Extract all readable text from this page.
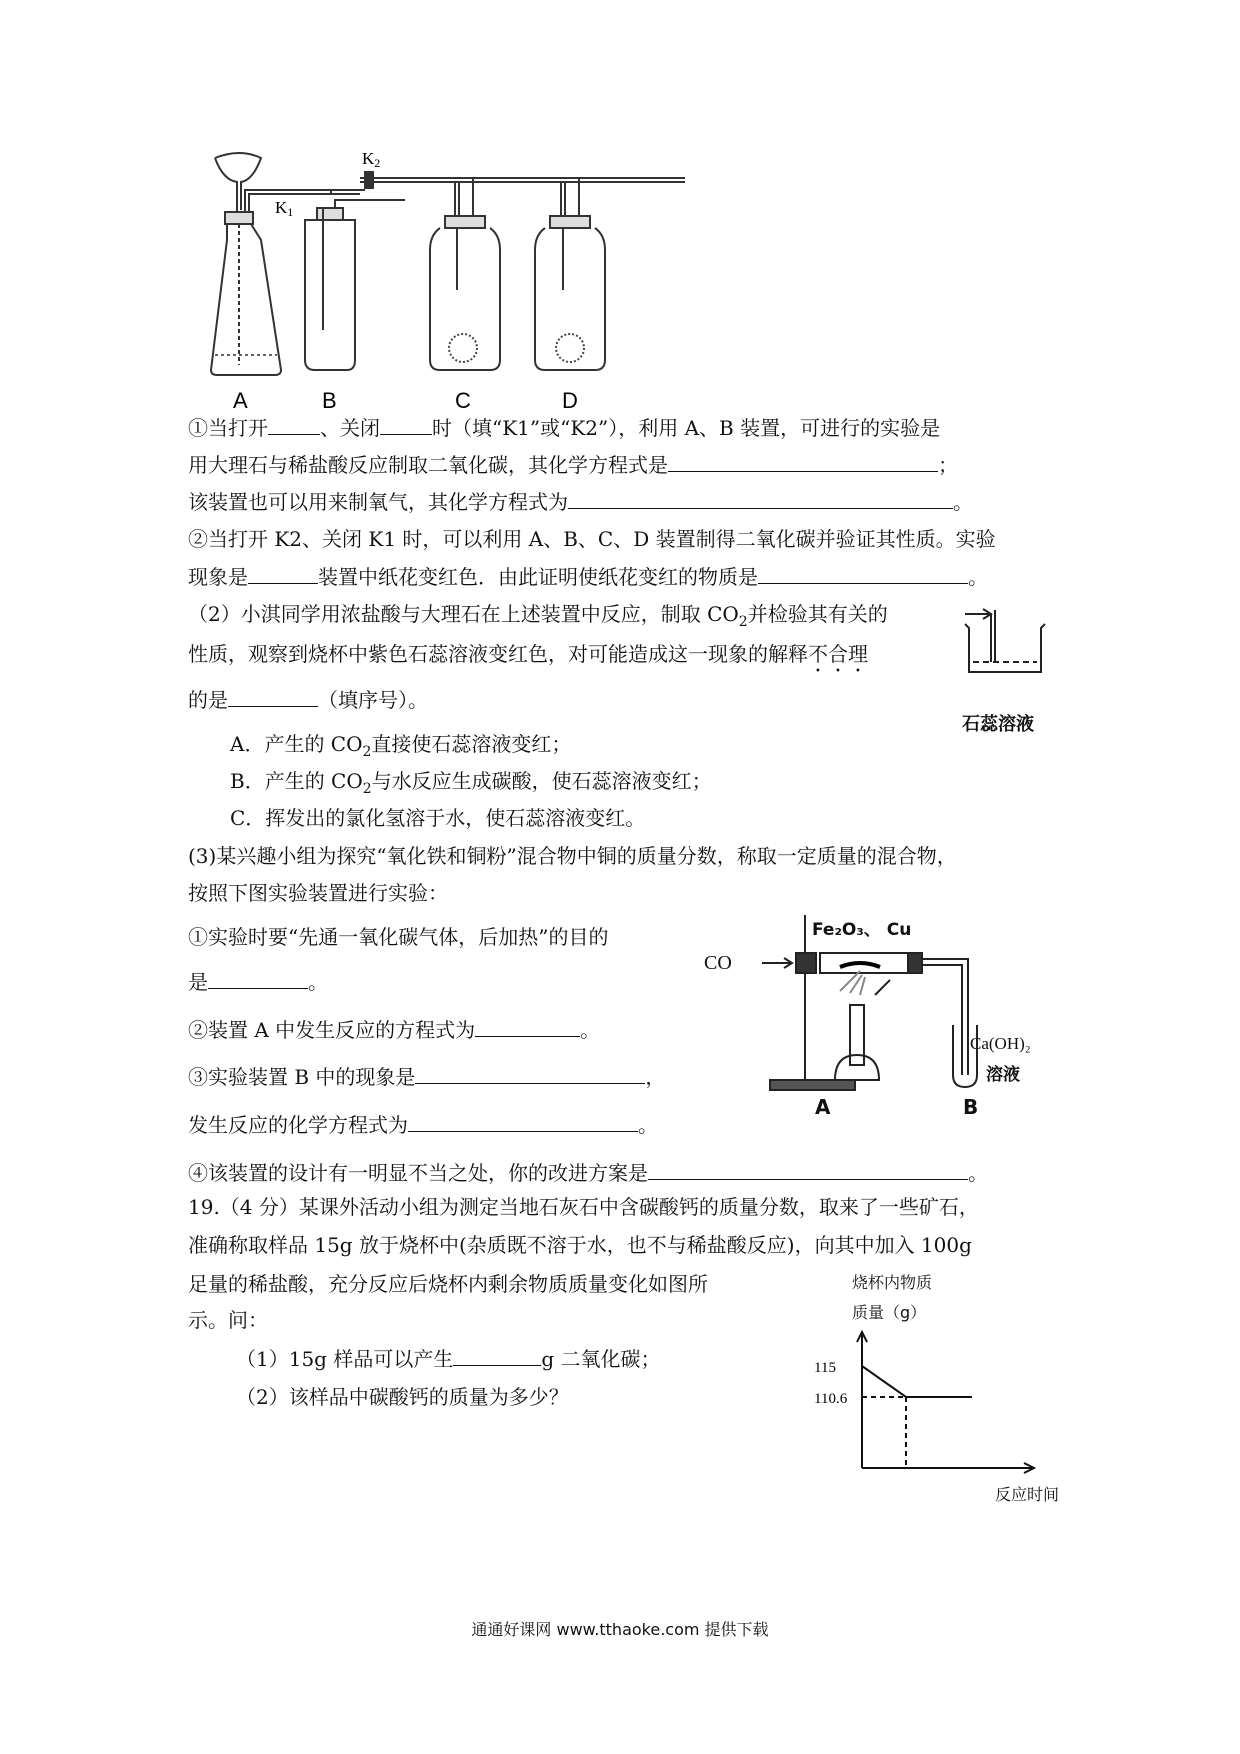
K2
K1
A	B	C	D
①当打开	、关闭	时（填“K1”或“K2”），利用 A、B 装置，可进行的实验是
用大理石与稀盐酸反应制取二氧化碳，其化学方程式是	；
该装置也可以用来制氧气，其化学方程式为	。
②当打开 K2、关闭 K1 时，可以利用 A、B、C、D 装置制得二氧化碳并验证其性质。实验
现象是	装置中纸花变红色．由此证明使纸花变红的物质是	。
（2）小淇同学用浓盐酸与大理石在上述装置中反应，制取 $CO_2$并检验其有关的
性质，观察到烧杯中紫色石蕊溶液变红色，对可能造成这一现象的解释不合理
的是	（填序号）。
A．产生的 $CO_2$直接使石蕊溶液变红；
B．产生的 $CO_2$与水反应生成碳酸，使石蕊溶液变红；
C．挥发出的氯化氢溶于水，使石蕊溶液变红。
石蕊溶液
(3)某兴趣小组为探究“氧化铁和铜粉”混合物中铜的质量分数，称取一定质量的混合物，
按照下图实验装置进行实验：
①实验时要“先通一氧化碳气体，后加热”的目的
是	。
②装置 A 中发生反应的方程式为	。
③实验装置 B 中的现象是	，
发生反应的化学方程式为	。
④该装置的设计有一明显不当之处，你的改进方案是	。
CO
Fe₂O₃、 Cu
Ca(OH)₂
溶液
A	B
19.（4 分）某课外活动小组为测定当地石灰石中含碳酸钙的质量分数，取来了一些矿石，
准确称取样品 15g 放于烧杯中(杂质既不溶于水，也不与稀盐酸反应)，向其中加入 100g
足量的稀盐酸，充分反应后烧杯内剩余物质质量变化如图所
示。问：
（1）15g 样品可以产生	g 二氧化碳；
（2）该样品中碳酸钙的质量为多少？
烧杯内物质
质量（g）
反应时间
115
110.6
通通好课网 www.tthaoke.com 提供下载
